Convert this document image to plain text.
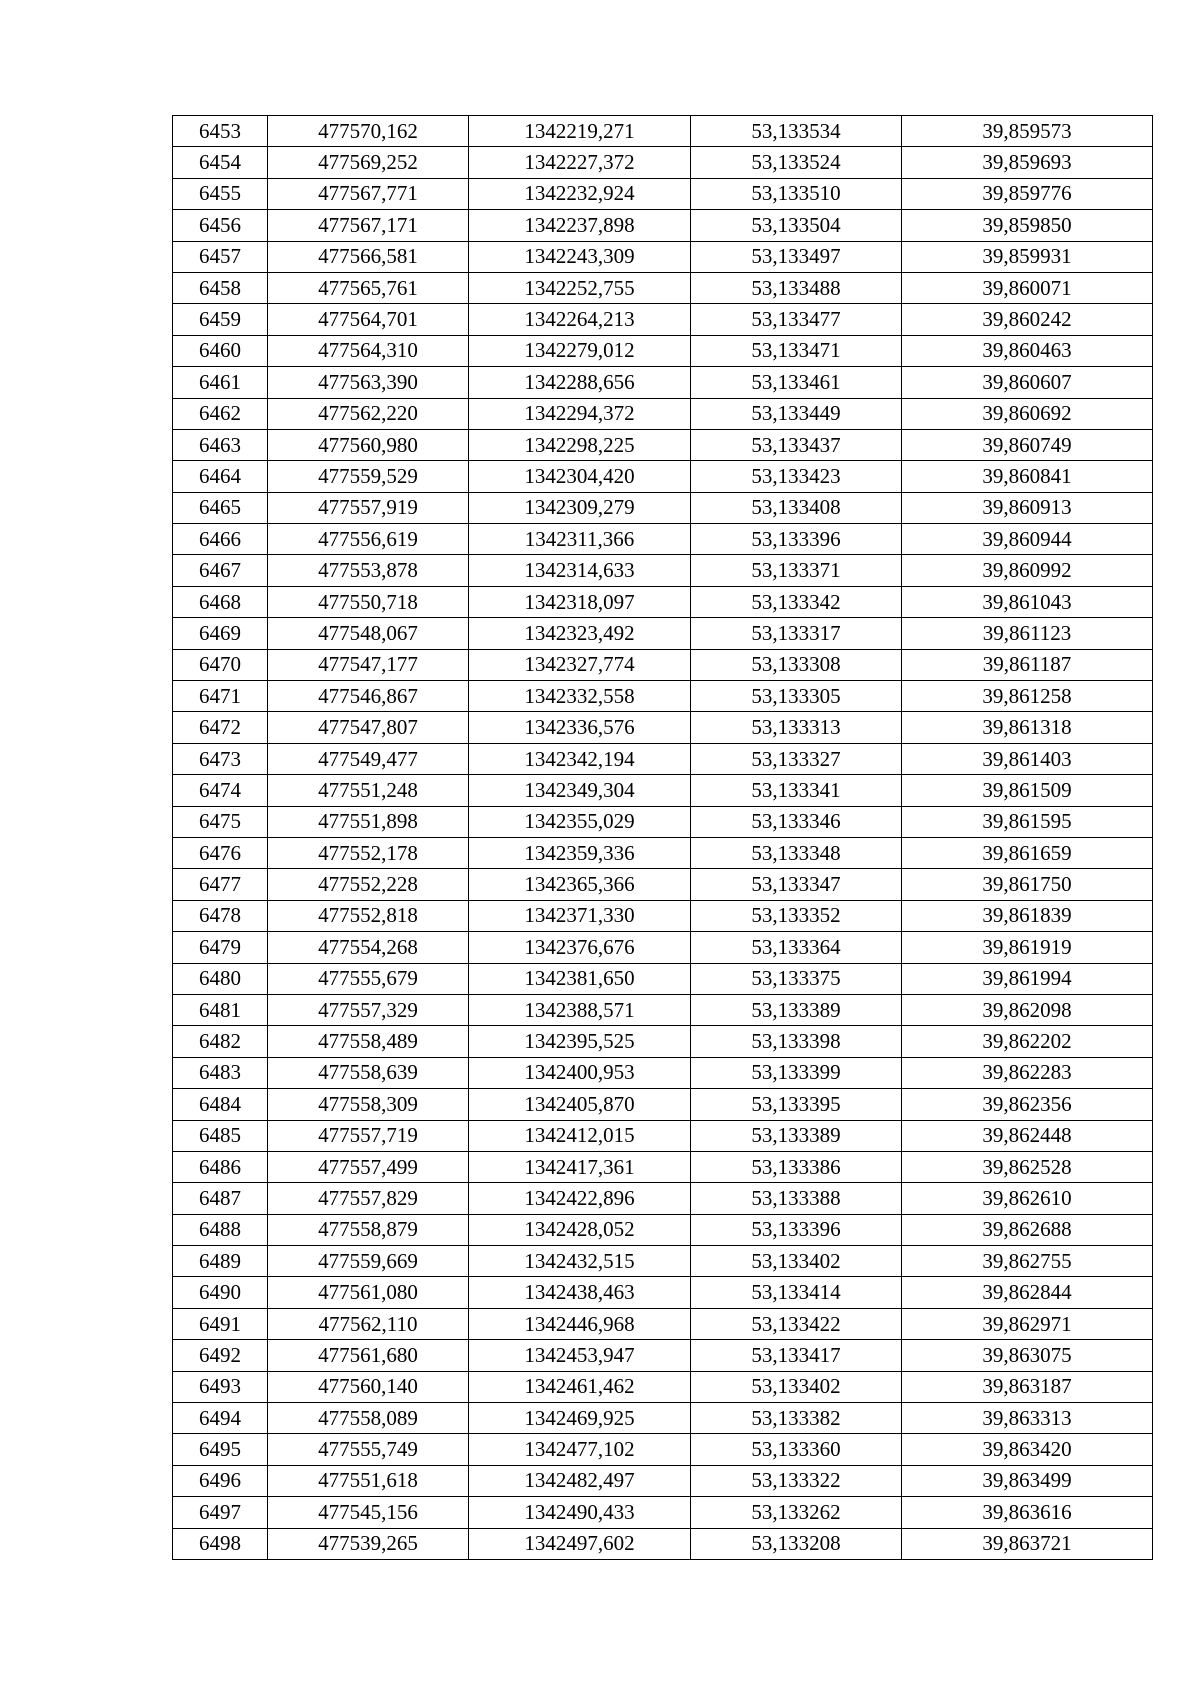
6453	477570,162	1342219,271	53,133534	39,859573
6454	477569,252	1342227,372	53,133524	39,859693
6455	477567,771	1342232,924	53,133510	39,859776
6456	477567,171	1342237,898	53,133504	39,859850
6457	477566,581	1342243,309	53,133497	39,859931
6458	477565,761	1342252,755	53,133488	39,860071
6459	477564,701	1342264,213	53,133477	39,860242
6460	477564,310	1342279,012	53,133471	39,860463
6461	477563,390	1342288,656	53,133461	39,860607
6462	477562,220	1342294,372	53,133449	39,860692
6463	477560,980	1342298,225	53,133437	39,860749
6464	477559,529	1342304,420	53,133423	39,860841
6465	477557,919	1342309,279	53,133408	39,860913
6466	477556,619	1342311,366	53,133396	39,860944
6467	477553,878	1342314,633	53,133371	39,860992
6468	477550,718	1342318,097	53,133342	39,861043
6469	477548,067	1342323,492	53,133317	39,861123
6470	477547,177	1342327,774	53,133308	39,861187
6471	477546,867	1342332,558	53,133305	39,861258
6472	477547,807	1342336,576	53,133313	39,861318
6473	477549,477	1342342,194	53,133327	39,861403
6474	477551,248	1342349,304	53,133341	39,861509
6475	477551,898	1342355,029	53,133346	39,861595
6476	477552,178	1342359,336	53,133348	39,861659
6477	477552,228	1342365,366	53,133347	39,861750
6478	477552,818	1342371,330	53,133352	39,861839
6479	477554,268	1342376,676	53,133364	39,861919
6480	477555,679	1342381,650	53,133375	39,861994
6481	477557,329	1342388,571	53,133389	39,862098
6482	477558,489	1342395,525	53,133398	39,862202
6483	477558,639	1342400,953	53,133399	39,862283
6484	477558,309	1342405,870	53,133395	39,862356
6485	477557,719	1342412,015	53,133389	39,862448
6486	477557,499	1342417,361	53,133386	39,862528
6487	477557,829	1342422,896	53,133388	39,862610
6488	477558,879	1342428,052	53,133396	39,862688
6489	477559,669	1342432,515	53,133402	39,862755
6490	477561,080	1342438,463	53,133414	39,862844
6491	477562,110	1342446,968	53,133422	39,862971
6492	477561,680	1342453,947	53,133417	39,863075
6493	477560,140	1342461,462	53,133402	39,863187
6494	477558,089	1342469,925	53,133382	39,863313
6495	477555,749	1342477,102	53,133360	39,863420
6496	477551,618	1342482,497	53,133322	39,863499
6497	477545,156	1342490,433	53,133262	39,863616
6498	477539,265	1342497,602	53,133208	39,863721
